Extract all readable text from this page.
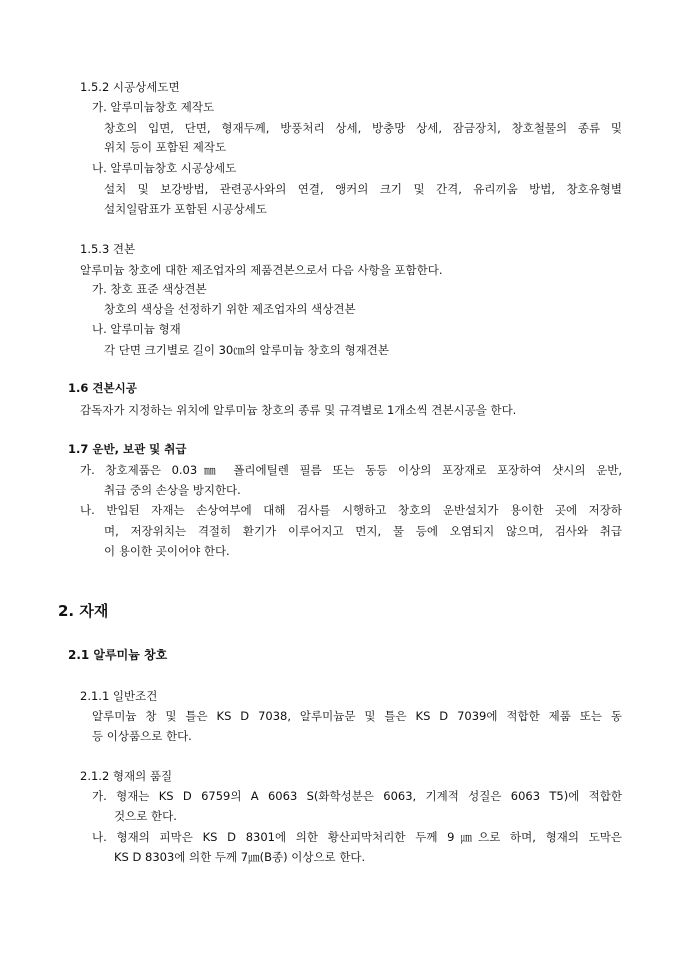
1.5.2 시공상세도면
가. 알루미늄창호 제작도
창호의 입면, 단면, 형재두께, 방풍처리 상세, 방충망 상세, 잠금장치, 창호철물의 종류 및
위치 등이 포함된 제작도
나. 알루미늄창호 시공상세도
설치 및 보강방법, 관련공사와의 연결, 앵커의 크기 및 간격, 유리끼움 방법, 창호유형별
설치일람표가 포함된 시공상세도
1.5.3 견본
알루미늄 창호에 대한 제조업자의 제품견본으로서 다음 사항을 포함한다.
가. 창호 표준 색상견본
창호의 색상을 선정하기 위한 제조업자의 색상견본
나. 알루미늄 형재
각 단면 크기별로 길이 30㎝의 알루미늄 창호의 형재견본
1.6 견본시공
감독자가 지정하는 위치에 알루미늄 창호의 종류 및 규격별로 1개소씩 견본시공을 한다.
1.7 운반, 보관 및 취급
가. 창호제품은 0.03㎜ 폴리에틸렌 필름 또는 동등 이상의 포장재로 포장하여 샷시의 운반,
취급 중의 손상을 방지한다.
나. 반입된 자재는 손상여부에 대해 검사를 시행하고 창호의 운반설치가 용이한 곳에 저장하
며, 저장위치는 격절히 환기가 이루어지고 먼지, 물 등에 오염되지 않으며, 검사와 취급
이 용이한 곳이어야 한다.
2. 자재
2.1 알루미늄 창호
2.1.1 일반조건
알루미늄 창 및 틀은 KS D 7038, 알루미늄문 및 틀은 KS D 7039에 적합한 제품 또는 동
등 이상품으로 한다.
2.1.2 형재의 품질
가. 형재는 KS D 6759의 A 6063 S(화학성분은 6063, 기계적 성질은 6063 T5)에 적합한
것으로 한다.
나. 형재의 피막은 KS D 8301에 의한 황산피막처리한 두께 9㎛으로 하며, 형재의 도막은
KS D 8303에 의한 두께 7㎛(B종) 이상으로 한다.
